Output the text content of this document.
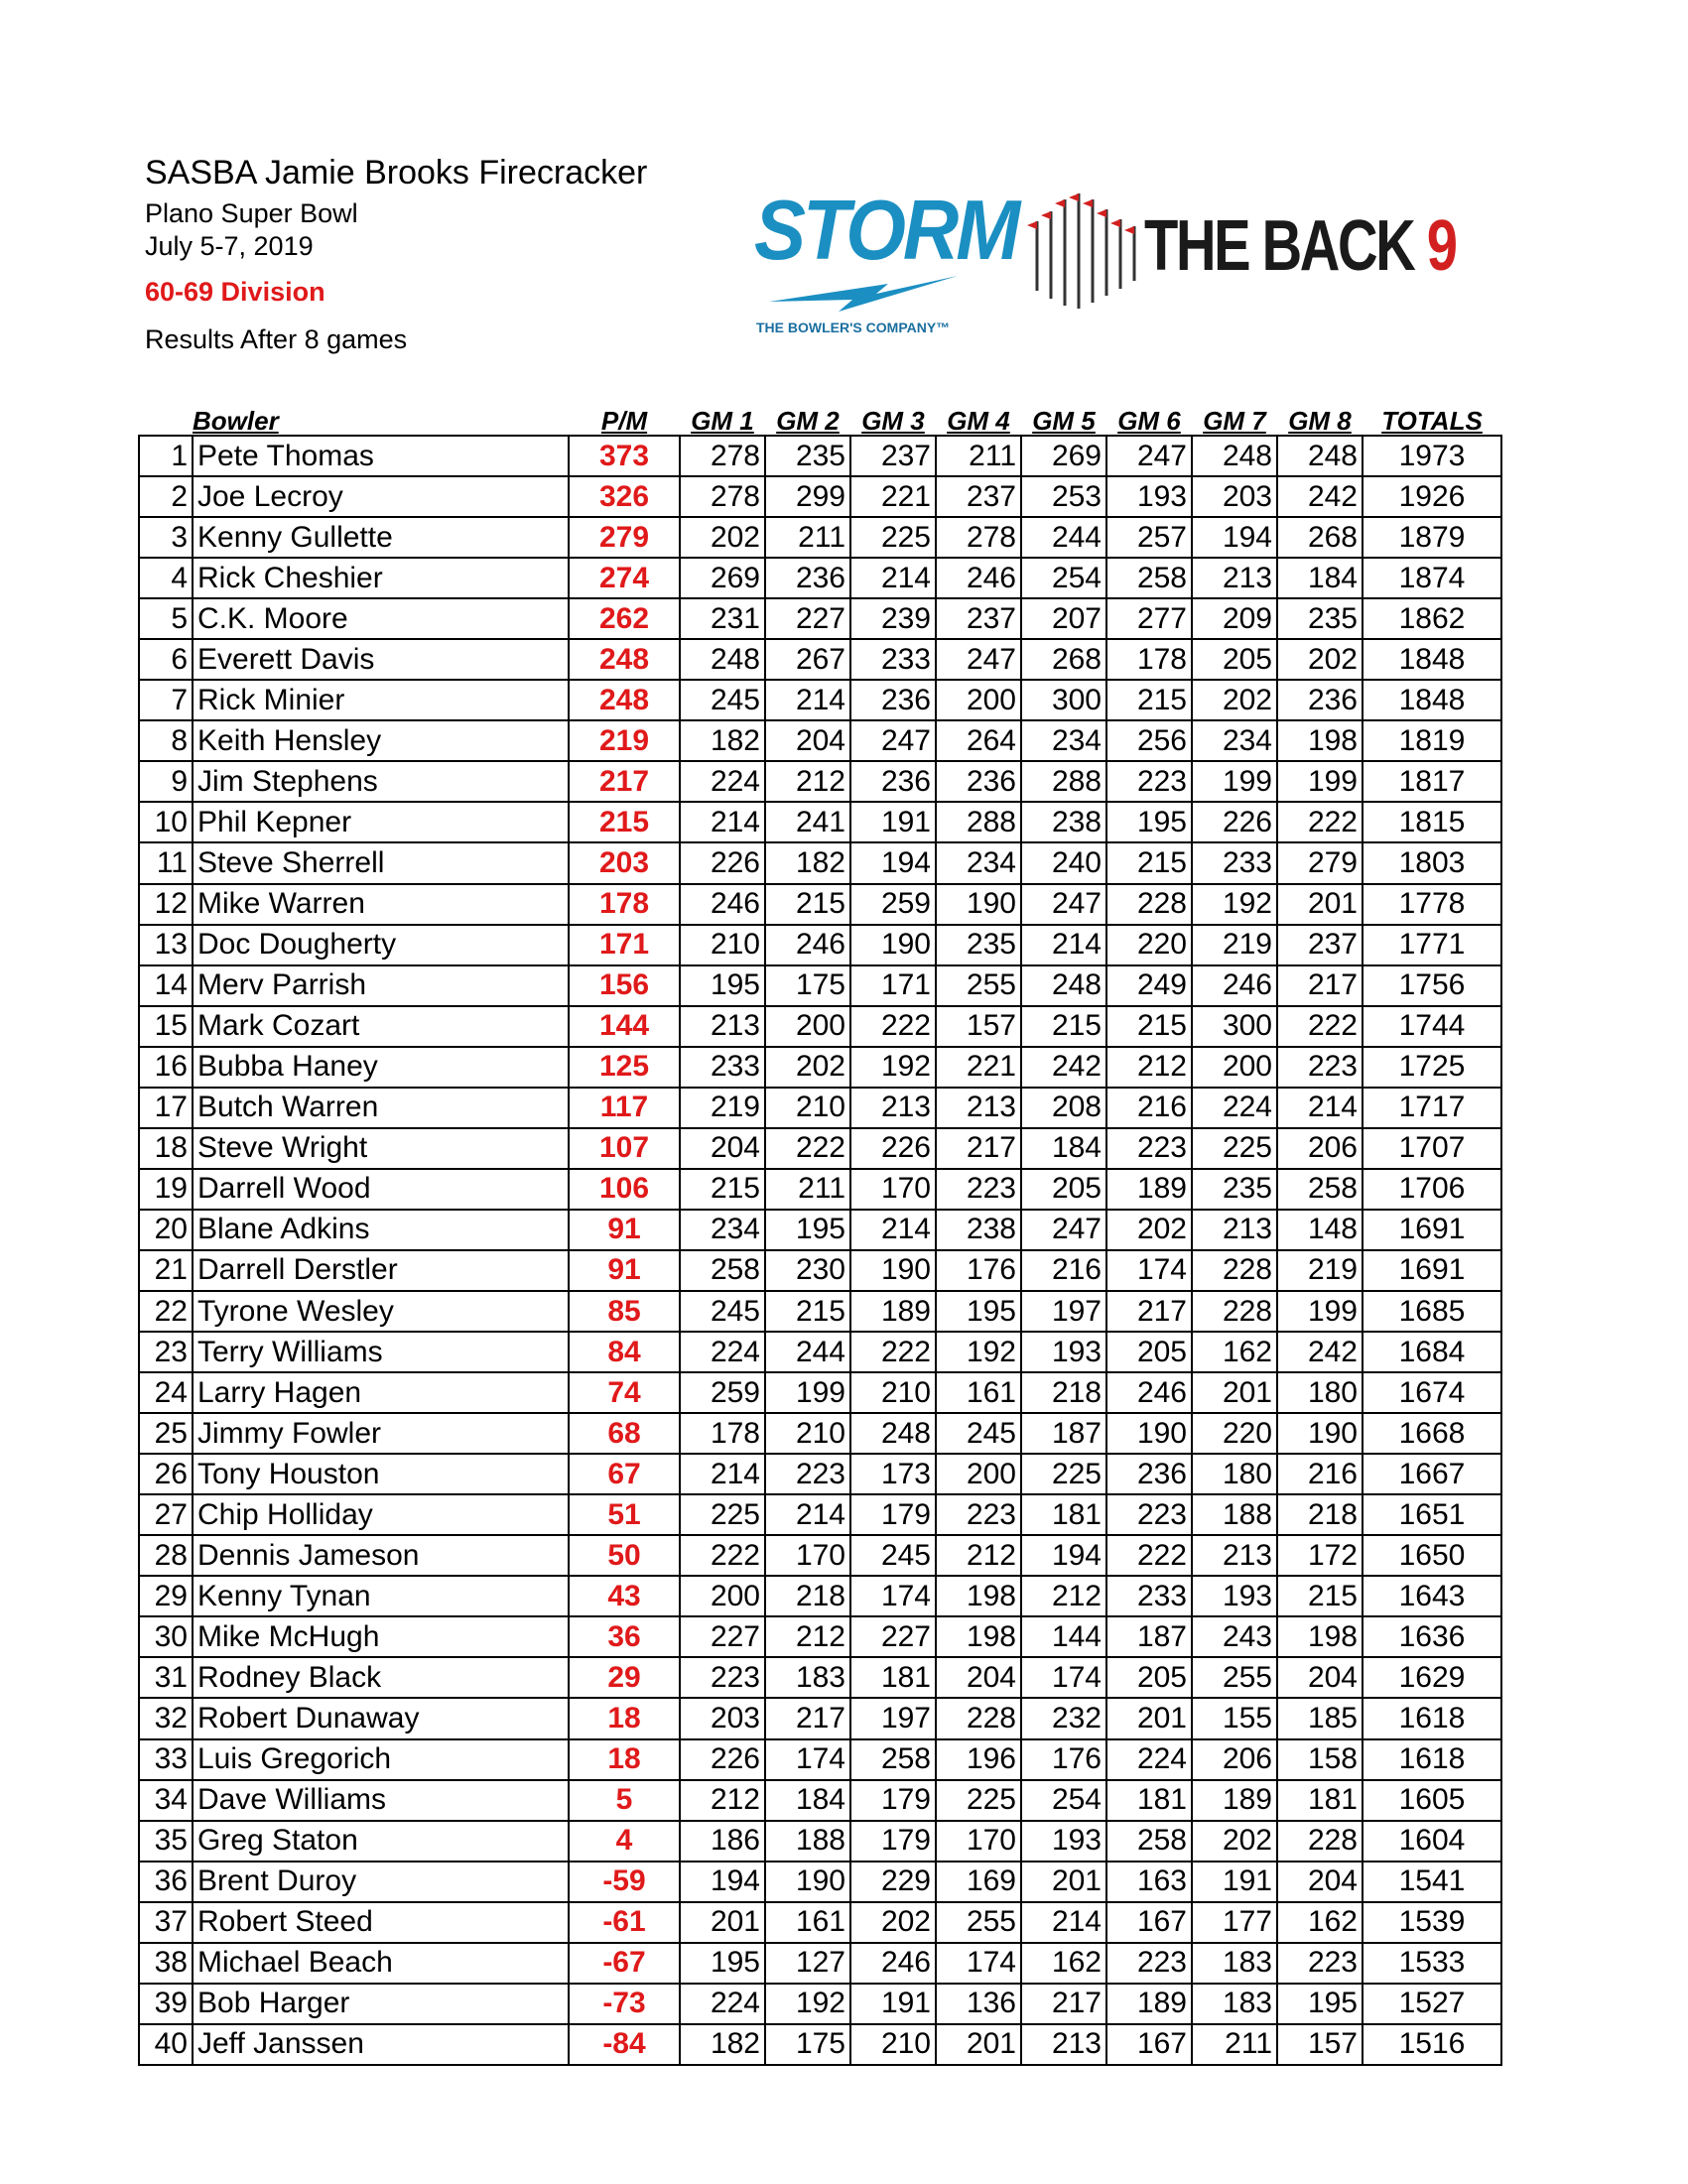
SASBA Jamie Brooks Firecracker
Plano Super Bowl
July 5-7, 2019
60-69 Division
Results After 8 games
STORM
THE BOWLER'S COMPANY™
THE BACK 9
	Bowler	P/M	GM 1	GM 2	GM 3	GM 4	GM 5	GM 6	GM 7	GM 8	TOTALS
1	Pete Thomas	373	278	235	237	211	269	247	248	248	1973
2	Joe Lecroy	326	278	299	221	237	253	193	203	242	1926
3	Kenny Gullette	279	202	211	225	278	244	257	194	268	1879
4	Rick Cheshier	274	269	236	214	246	254	258	213	184	1874
5	C.K. Moore	262	231	227	239	237	207	277	209	235	1862
6	Everett Davis	248	248	267	233	247	268	178	205	202	1848
7	Rick Minier	248	245	214	236	200	300	215	202	236	1848
8	Keith Hensley	219	182	204	247	264	234	256	234	198	1819
9	Jim Stephens	217	224	212	236	236	288	223	199	199	1817
10	Phil Kepner	215	214	241	191	288	238	195	226	222	1815
11	Steve Sherrell	203	226	182	194	234	240	215	233	279	1803
12	Mike Warren	178	246	215	259	190	247	228	192	201	1778
13	Doc Dougherty	171	210	246	190	235	214	220	219	237	1771
14	Merv Parrish	156	195	175	171	255	248	249	246	217	1756
15	Mark Cozart	144	213	200	222	157	215	215	300	222	1744
16	Bubba Haney	125	233	202	192	221	242	212	200	223	1725
17	Butch Warren	117	219	210	213	213	208	216	224	214	1717
18	Steve Wright	107	204	222	226	217	184	223	225	206	1707
19	Darrell Wood	106	215	211	170	223	205	189	235	258	1706
20	Blane Adkins	91	234	195	214	238	247	202	213	148	1691
21	Darrell Derstler	91	258	230	190	176	216	174	228	219	1691
22	Tyrone Wesley	85	245	215	189	195	197	217	228	199	1685
23	Terry Williams	84	224	244	222	192	193	205	162	242	1684
24	Larry Hagen	74	259	199	210	161	218	246	201	180	1674
25	Jimmy Fowler	68	178	210	248	245	187	190	220	190	1668
26	Tony Houston	67	214	223	173	200	225	236	180	216	1667
27	Chip Holliday	51	225	214	179	223	181	223	188	218	1651
28	Dennis Jameson	50	222	170	245	212	194	222	213	172	1650
29	Kenny Tynan	43	200	218	174	198	212	233	193	215	1643
30	Mike McHugh	36	227	212	227	198	144	187	243	198	1636
31	Rodney Black	29	223	183	181	204	174	205	255	204	1629
32	Robert Dunaway	18	203	217	197	228	232	201	155	185	1618
33	Luis Gregorich	18	226	174	258	196	176	224	206	158	1618
34	Dave Williams	5	212	184	179	225	254	181	189	181	1605
35	Greg Staton	4	186	188	179	170	193	258	202	228	1604
36	Brent Duroy	-59	194	190	229	169	201	163	191	204	1541
37	Robert Steed	-61	201	161	202	255	214	167	177	162	1539
38	Michael Beach	-67	195	127	246	174	162	223	183	223	1533
39	Bob Harger	-73	224	192	191	136	217	189	183	195	1527
40	Jeff Janssen	-84	182	175	210	201	213	167	211	157	1516
